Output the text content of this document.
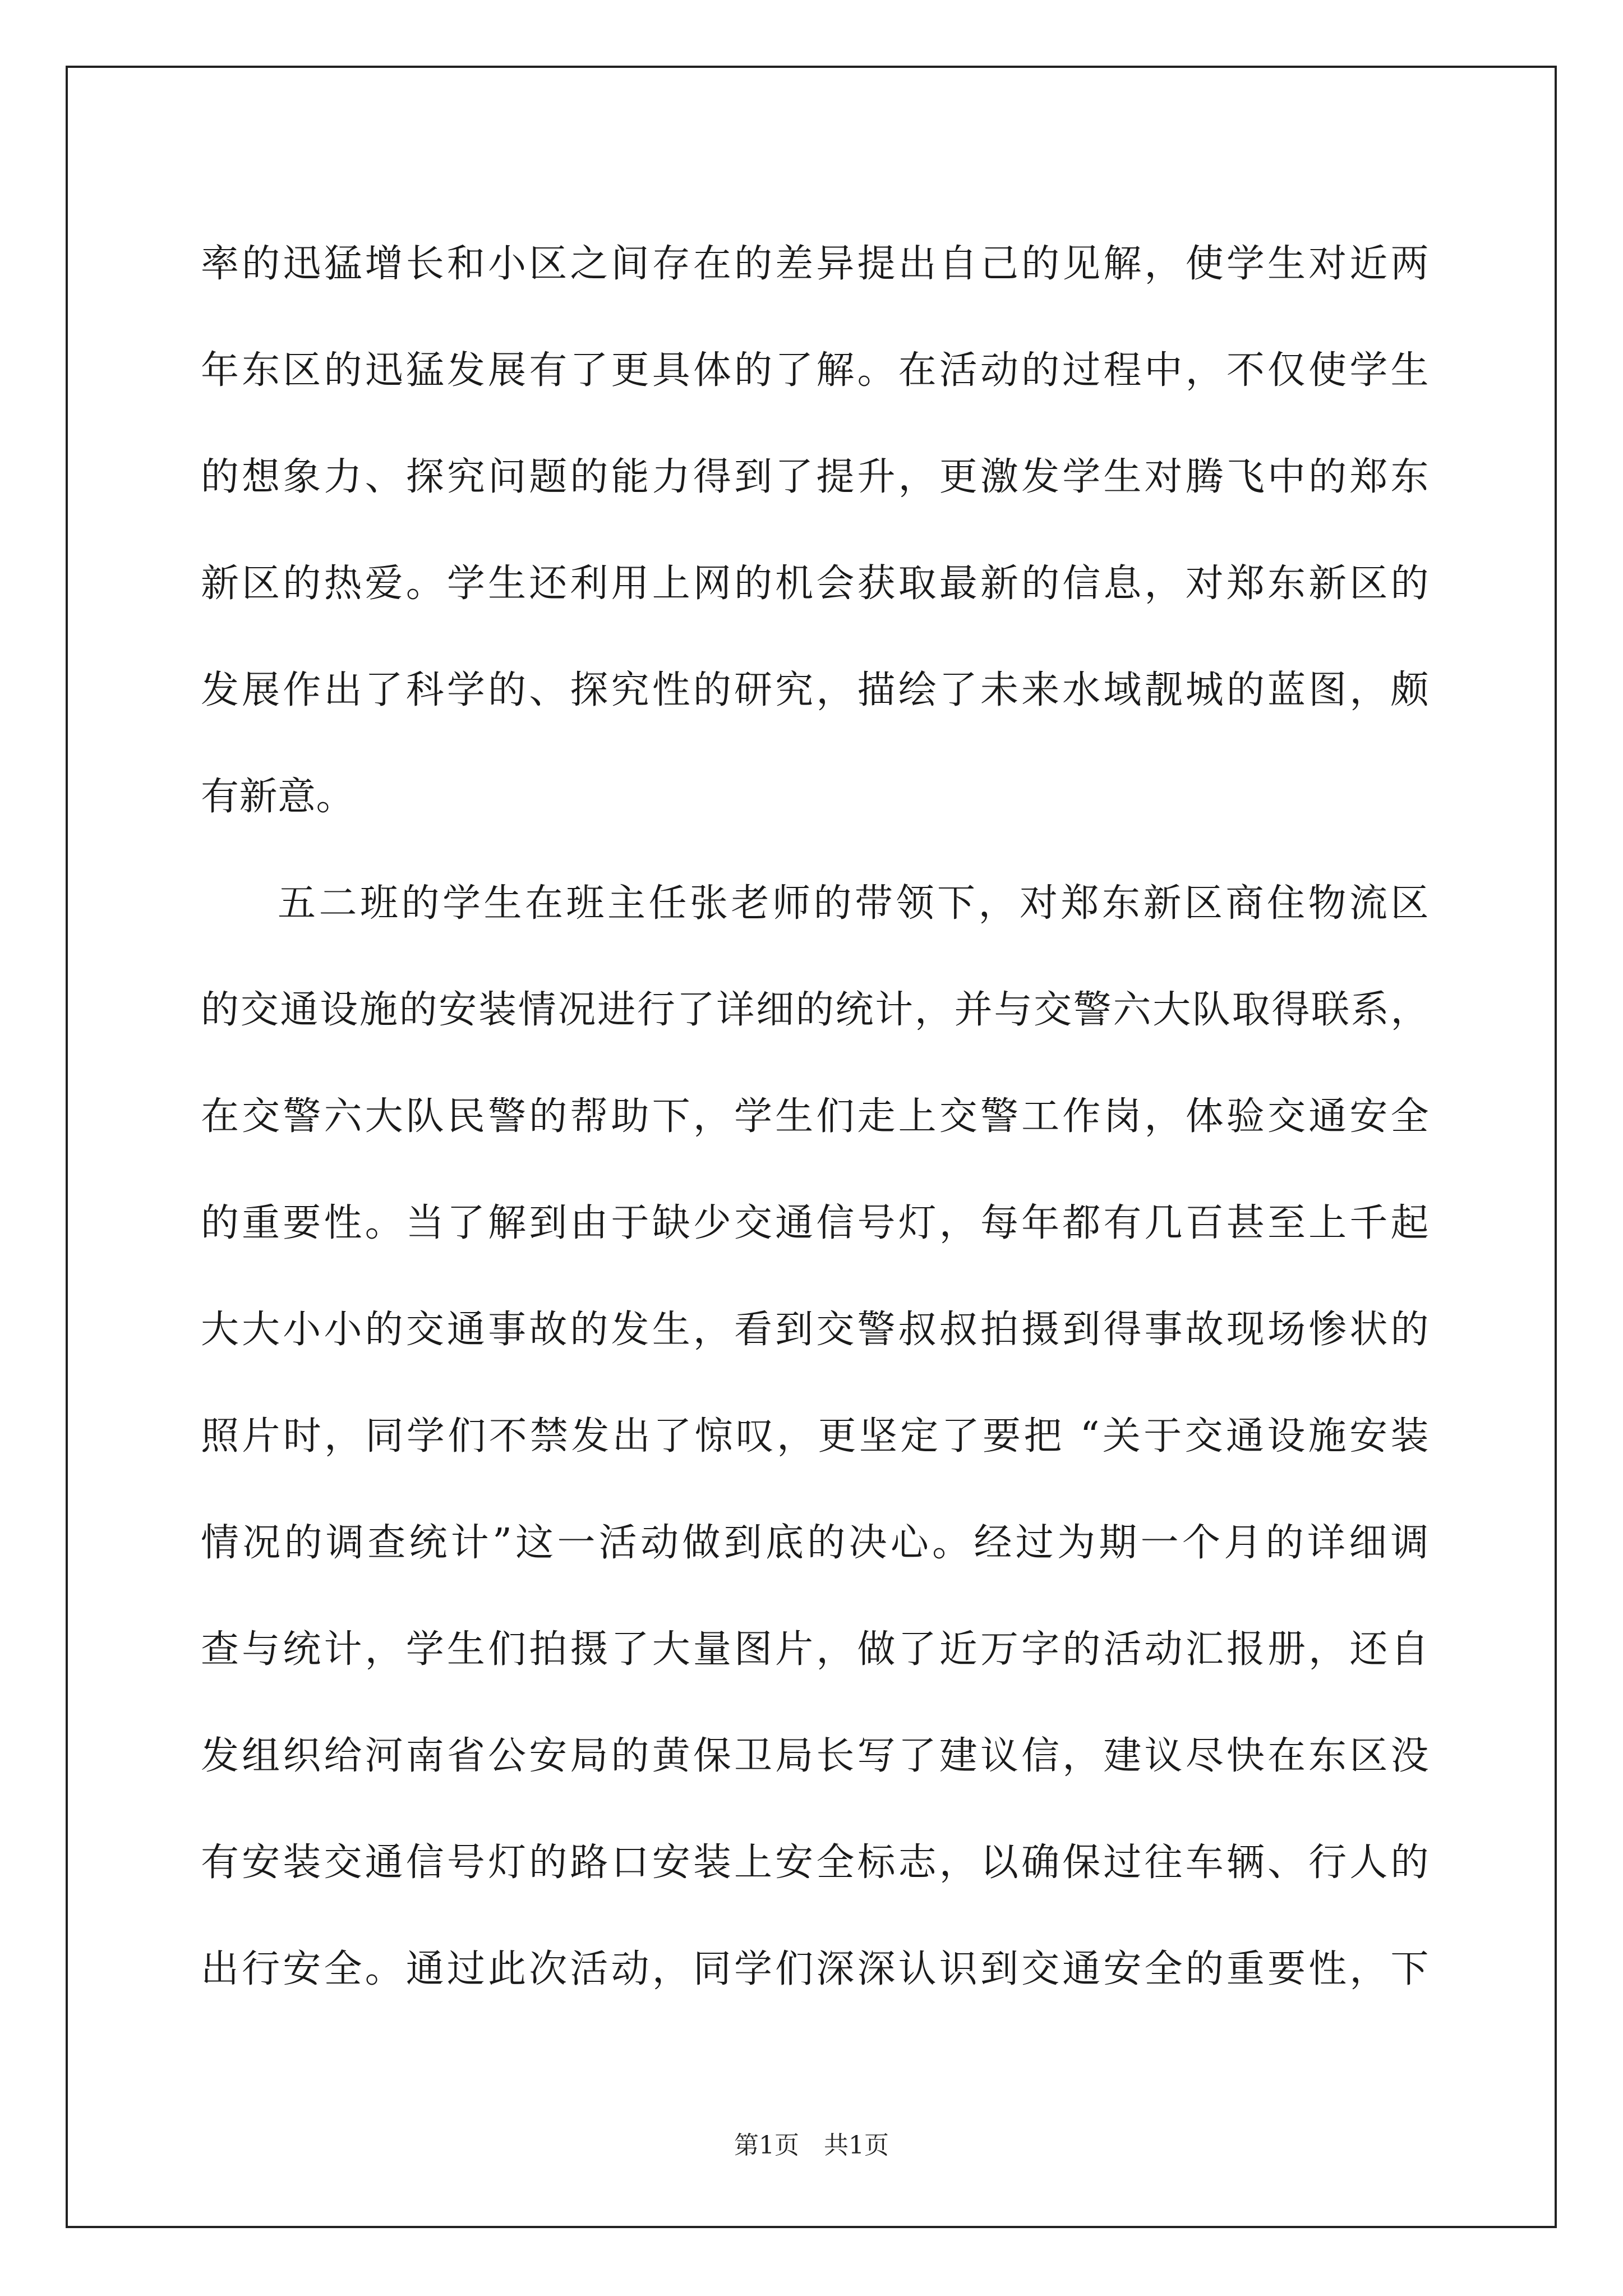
率的迅猛增长和小区之间存在的差异提出自己的见解，使学生对近两
年东区的迅猛发展有了更具体的了解。在活动的过程中，不仅使学生
的想象力、探究问题的能力得到了提升，更激发学生对腾飞中的郑东
新区的热爱。学生还利用上网的机会获取最新的信息，对郑东新区的
发展作出了科学的、探究性的研究，描绘了未来水域靓城的蓝图，颇
有新意。
五二班的学生在班主任张老师的带领下，对郑东新区商住物流区
的交通设施的安装情况进行了详细的统计，并与交警六大队取得联系，
在交警六大队民警的帮助下，学生们走上交警工作岗，体验交通安全
的重要性。当了解到由于缺少交通信号灯，每年都有几百甚至上千起
大大小小的交通事故的发生，看到交警叔叔拍摄到得事故现场惨状的
照片时，同学们不禁发出了惊叹，更坚定了要把 “关于交通设施安装
情况的调查统计”这一活动做到底的决心。经过为期一个月的详细调
查与统计，学生们拍摄了大量图片，做了近万字的活动汇报册，还自
发组织给河南省公安局的黄保卫局长写了建议信，建议尽快在东区没
有安装交通信号灯的路口安装上安全标志，以确保过往车辆、行人的
出行安全。通过此次活动，同学们深深认识到交通安全的重要性，下
第1页　共1页
